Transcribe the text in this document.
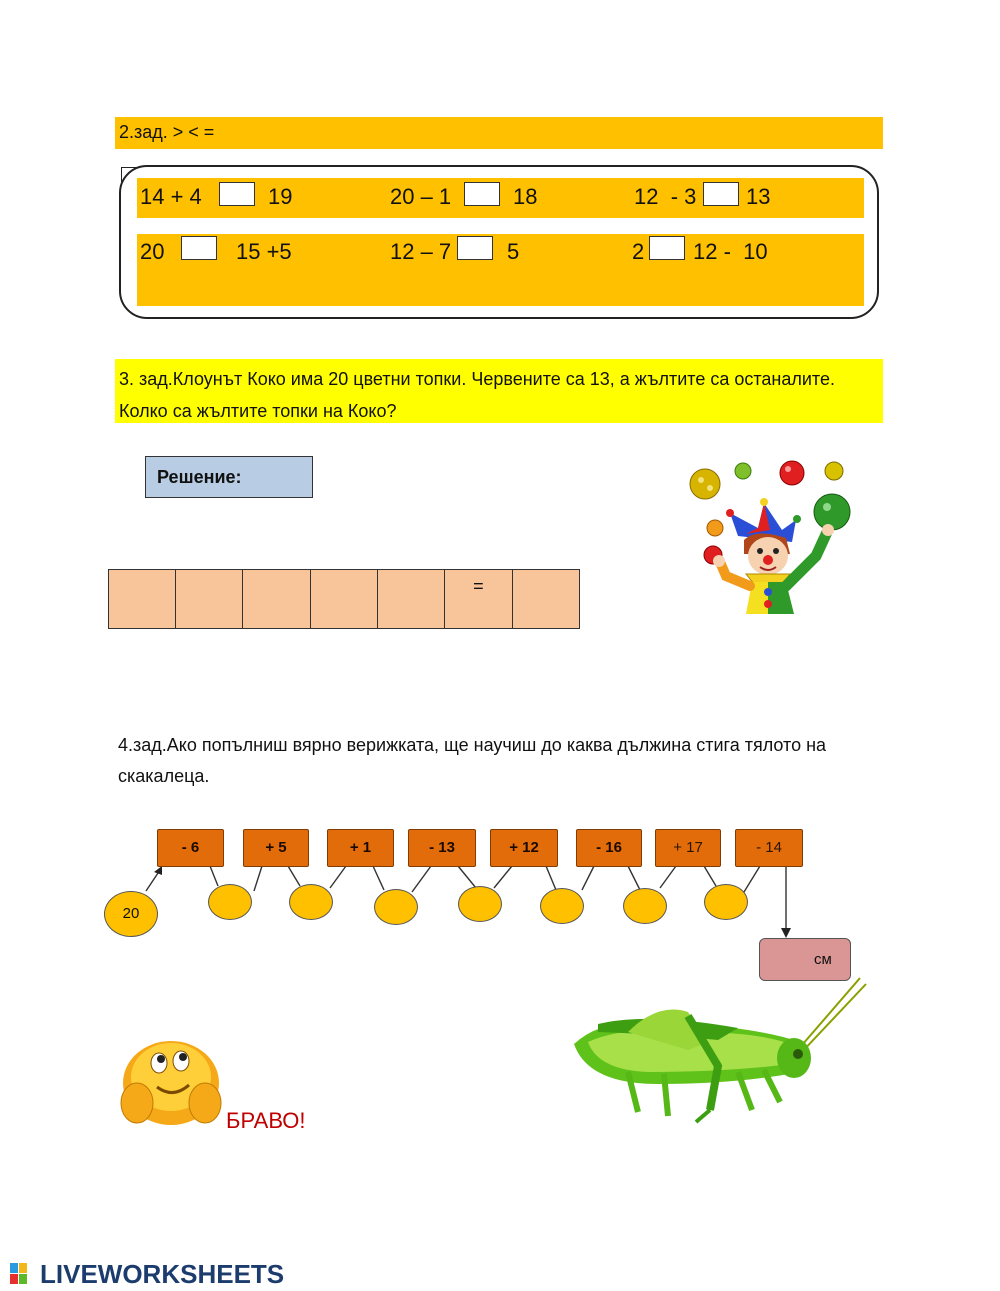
2.зад. > < =
14 + 4	19	20 – 1	18	12  - 3 13
20	15 +5	12 – 7	5	2 12 -  10
3. зад.Клоунът Коко има 20 цветни топки. Червените са 13, а жълтите са останалите. Колко са жълтите топки на Коко?
Решение:
					=	
4.зад.Ако попълниш вярно верижката, ще научиш до каква дължина стига тялото на скакалеца.
- 6	+ 5	+ 1	- 13	+ 12	- 16	+ 17	- 14
20
см
БРАВО!
LIVEWORKSHEETS
